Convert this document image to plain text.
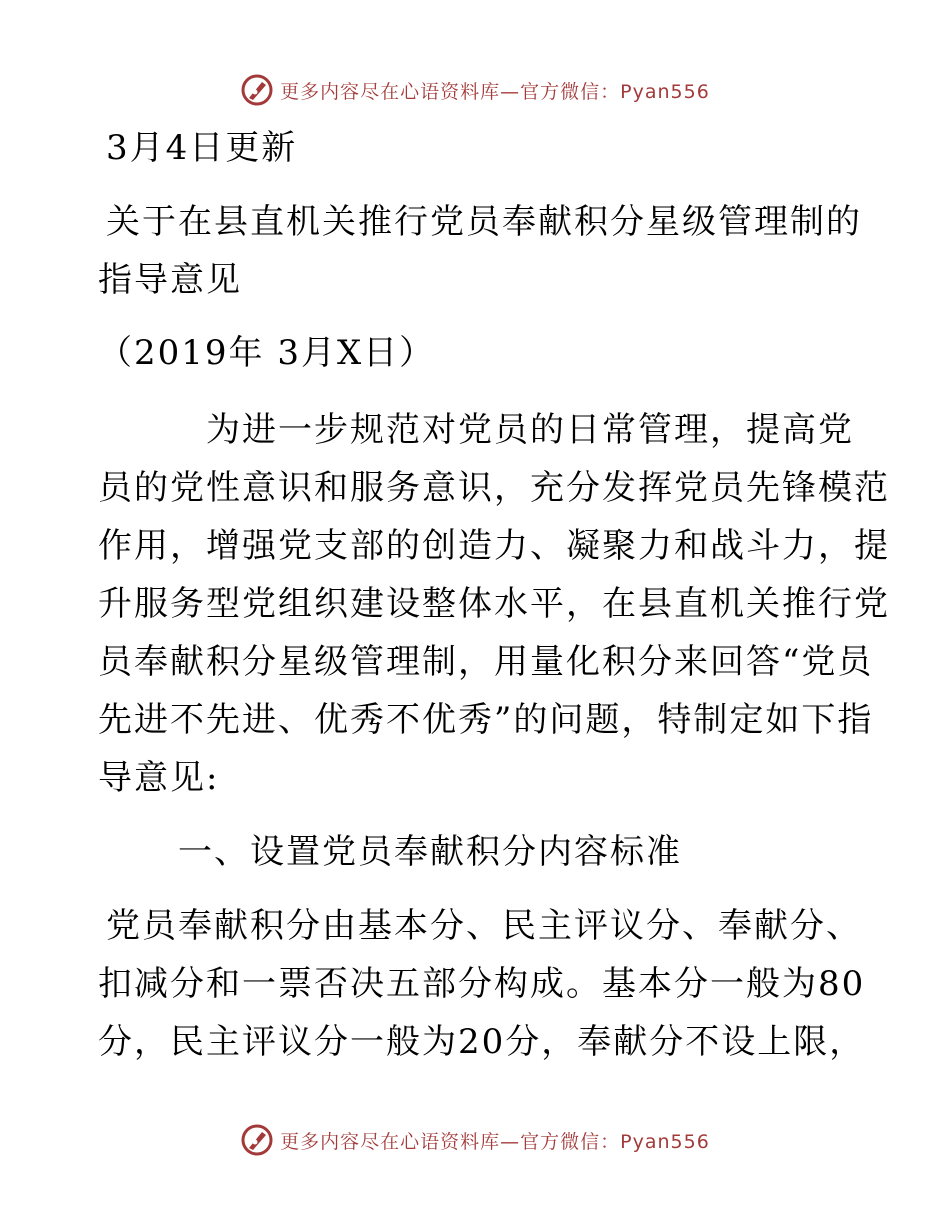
更多内容尽在心语资料库—官方微信：Pyan556
3月4日更新
关于在县直机关推行党员奉献积分星级管理制的
指导意见
（2019年 3月X日）
为进一步规范对党员的日常管理，提高党
员的党性意识和服务意识，充分发挥党员先锋模范
作用，增强党支部的创造力、凝聚力和战斗力，提
升服务型党组织建设整体水平，在县直机关推行党
员奉献积分星级管理制，用量化积分来回答“党员
先进不先进、优秀不优秀”的问题，特制定如下指
导意见:
一、设置党员奉献积分内容标准
党员奉献积分由基本分、民主评议分、奉献分、
扣减分和一票否决五部分构成。基本分一般为80
分，民主评议分一般为20分，奉献分不设上限，
更多内容尽在心语资料库—官方微信：Pyan556
